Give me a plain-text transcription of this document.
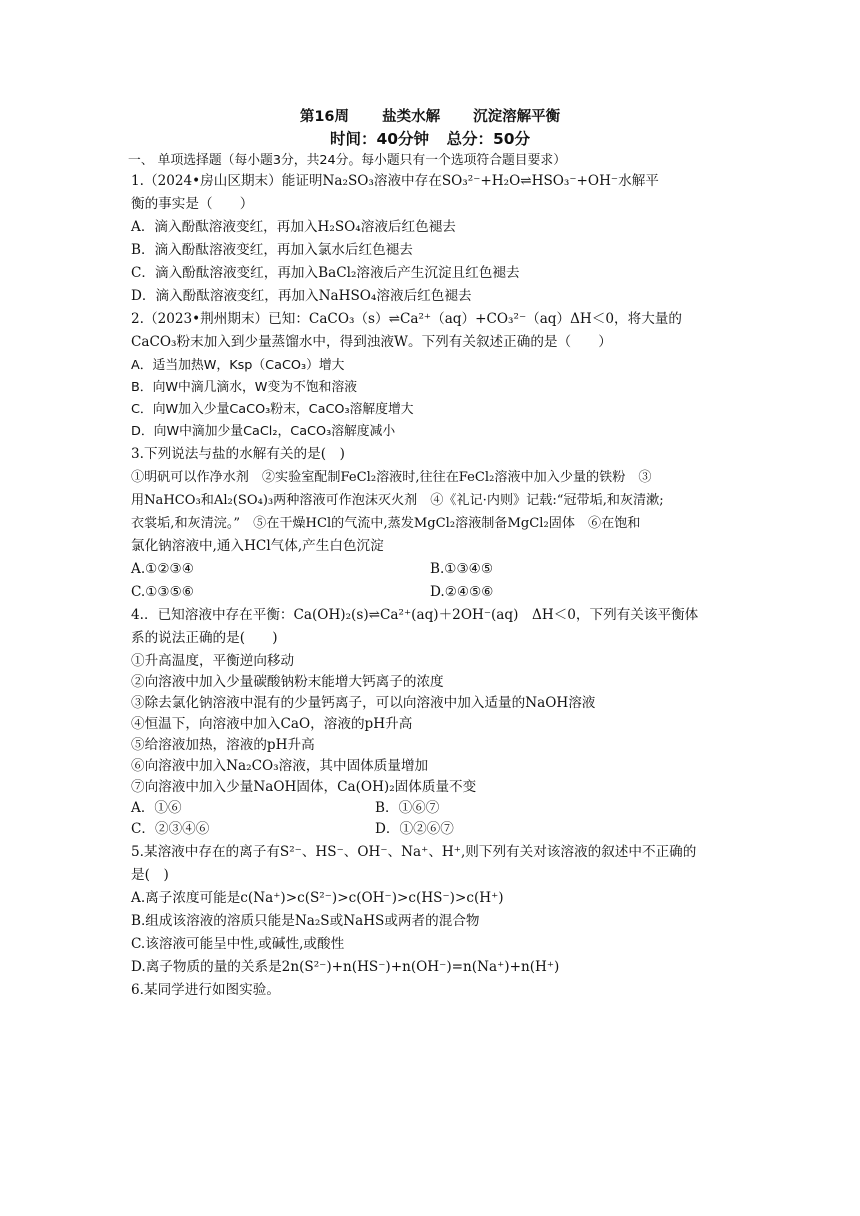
第16周 盐类水解 沉淀溶解平衡
时间：40分钟 总分：50分
一、 单项选择题（每小题3分，共24分。每小题只有一个选项符合题目要求）
1.（2024•房山区期末）能证明Na₂SO₃溶液中存在SO₃²⁻+H₂O⇌HSO₃⁻+OH⁻水解平
衡的事实是（　　）
A．滴入酚酞溶液变红，再加入H₂SO₄溶液后红色褪去
B．滴入酚酞溶液变红，再加入氯水后红色褪去
C．滴入酚酞溶液变红，再加入BaCl₂溶液后产生沉淀且红色褪去
D．滴入酚酞溶液变红，再加入NaHSO₄溶液后红色褪去
2.（2023•荆州期末）已知：CaCO₃（s）⇌Ca²⁺（aq）+CO₃²⁻（aq）ΔH＜0，将大量的
CaCO₃粉末加入到少量蒸馏水中，得到浊液W。下列有关叙述正确的是（　　）
A．适当加热W，Ksp（CaCO₃）增大
B．向W中滴几滴水，W变为不饱和溶液
C．向W加入少量CaCO₃粉末，CaCO₃溶解度增大
D．向W中滴加少量CaCl₂，CaCO₃溶解度减小
3.下列说法与盐的水解有关的是(　)
①明矾可以作净水剂　②实验室配制FeCl₂溶液时,往往在FeCl₂溶液中加入少量的铁粉　③
用NaHCO₃和Al₂(SO₄)₃两种溶液可作泡沫灭火剂　④《礼记·内则》记载:“冠带垢,和灰清漱;
衣裳垢,和灰清浣。”　⑤在干燥HCl的气流中,蒸发MgCl₂溶液制备MgCl₂固体　⑥在饱和
氯化钠溶液中,通入HCl气体,产生白色沉淀
A.①②③④	B.①③④⑤
C.①③⑤⑥	D.②④⑤⑥
4.．已知溶液中存在平衡：Ca(OH)₂(s)⇌Ca²⁺(aq)＋2OH⁻(aq)　ΔH＜0，下列有关该平衡体
系的说法正确的是(　　)
①升高温度，平衡逆向移动
②向溶液中加入少量碳酸钠粉末能增大钙离子的浓度
③除去氯化钠溶液中混有的少量钙离子，可以向溶液中加入适量的NaOH溶液
④恒温下，向溶液中加入CaO，溶液的pH升高
⑤给溶液加热，溶液的pH升高
⑥向溶液中加入Na₂CO₃溶液，其中固体质量增加
⑦向溶液中加入少量NaOH固体，Ca(OH)₂固体质量不变
A．①⑥	B．①⑥⑦
C．②③④⑥	D．①②⑥⑦
5.某溶液中存在的离子有S²⁻、HS⁻、OH⁻、Na⁺、H⁺,则下列有关对该溶液的叙述中不正确的
是(　)
A.离子浓度可能是c(Na⁺)>c(S²⁻)>c(OH⁻)>c(HS⁻)>c(H⁺)
B.组成该溶液的溶质只能是Na₂S或NaHS或两者的混合物
C.该溶液可能呈中性,或碱性,或酸性
D.离子物质的量的关系是2n(S²⁻)+n(HS⁻)+n(OH⁻)=n(Na⁺)+n(H⁺)
6.某同学进行如图实验。
